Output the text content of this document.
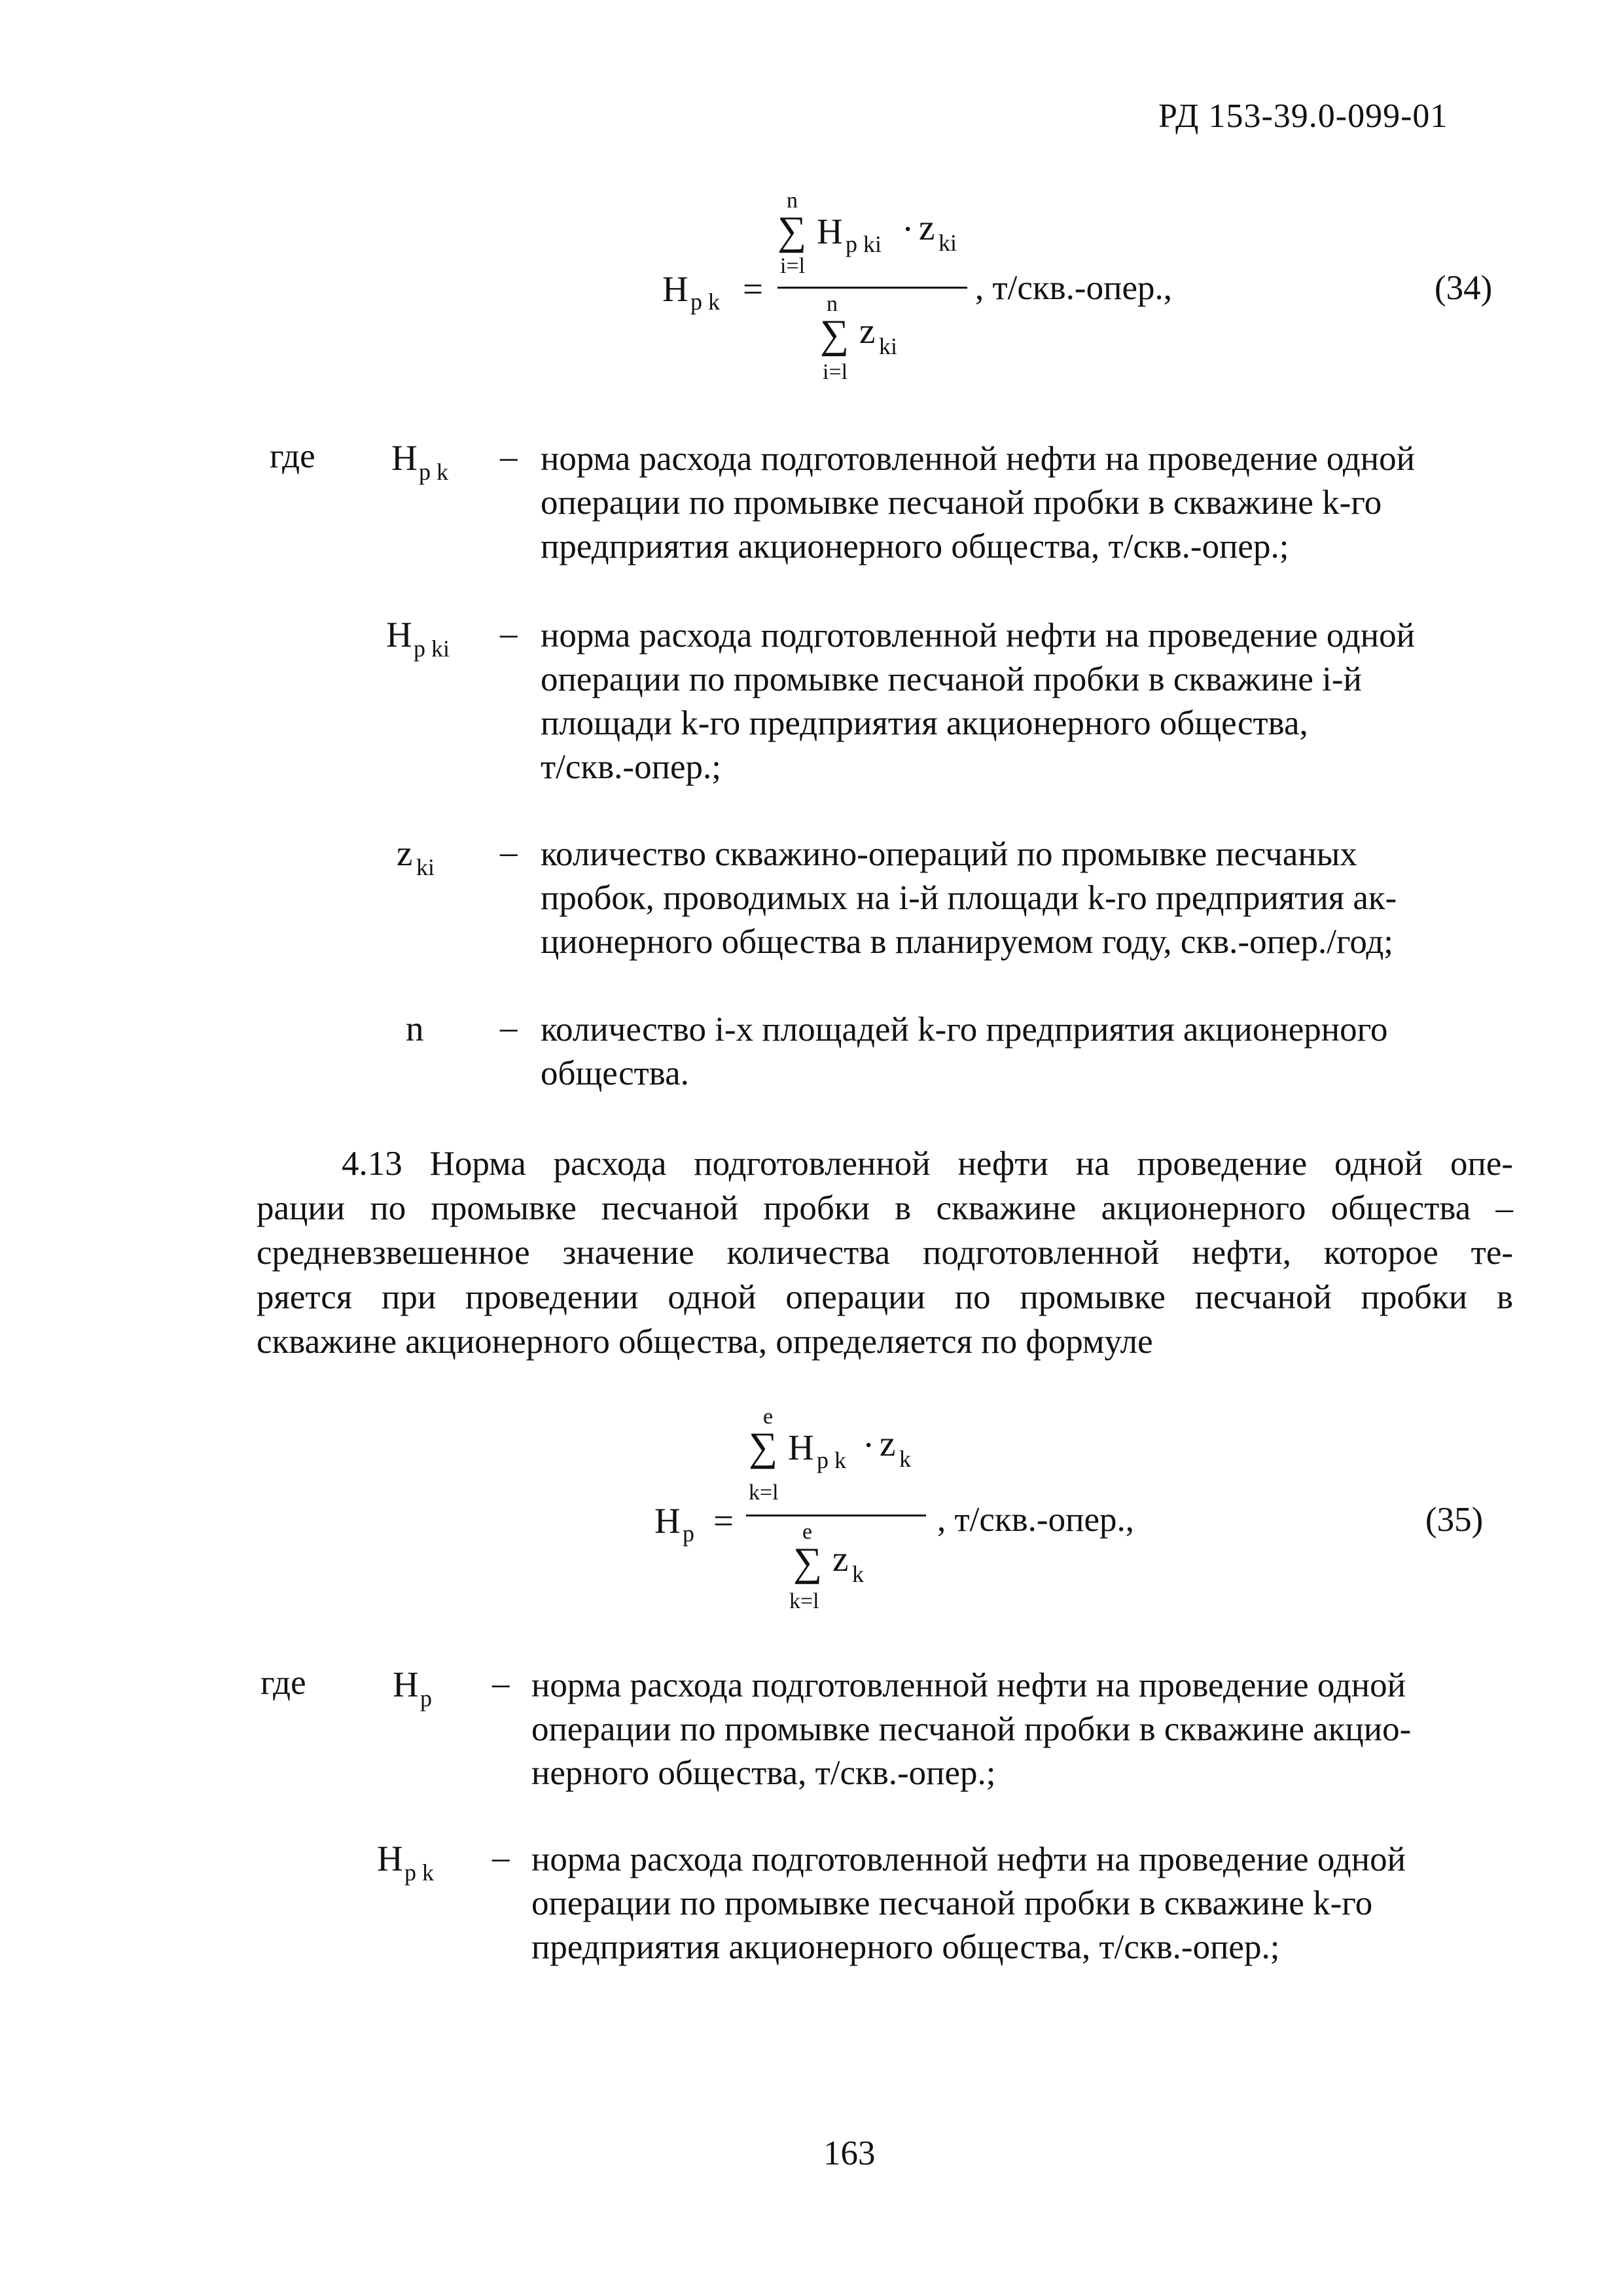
РД 153-39.0-099-01
n
∑ H p ki · z ki
i=l
H p k =	, т/скв.-опер.,	(34)
n
∑ z ki
i=l
где H p k – норма расхода подготовленной нефти на проведение одной
операции по промывке песчаной пробки в скважине k-го
предприятия акционерного общества, т/скв.-опер.;
H p ki – норма расхода подготовленной нефти на проведение одной
операции по промывке песчаной пробки в скважине i-й
площади k-го предприятия акционерного общества,
т/скв.-опер.;
z ki – количество скважино-операций по промывке песчаных
пробок, проводимых на i-й площади k-го предприятия ак-
ционерного общества в планируемом году, скв.-опер./год;
n – количество i-х площадей k-го предприятия акционерного
общества.
4.13 Норма расхода подготовленной нефти на проведение одной опе-
рации по промывке песчаной пробки в скважине акционерного общества –
средневзвешенное значение количества подготовленной нефти, которое те-
ряется при проведении одной операции по промывке песчаной пробки в
скважине акционерного общества, определяется по формуле
e
∑ H p k · z k
k=l
H p =	, т/скв.-опер.,	(35)
e
∑ z k
k=l
где H p – норма расхода подготовленной нефти на проведение одной
операции по промывке песчаной пробки в скважине акцио-
нерного общества, т/скв.-опер.;
H p k – норма расхода подготовленной нефти на проведение одной
операции по промывке песчаной пробки в скважине k-го
предприятия акционерного общества, т/скв.-опер.;
163
